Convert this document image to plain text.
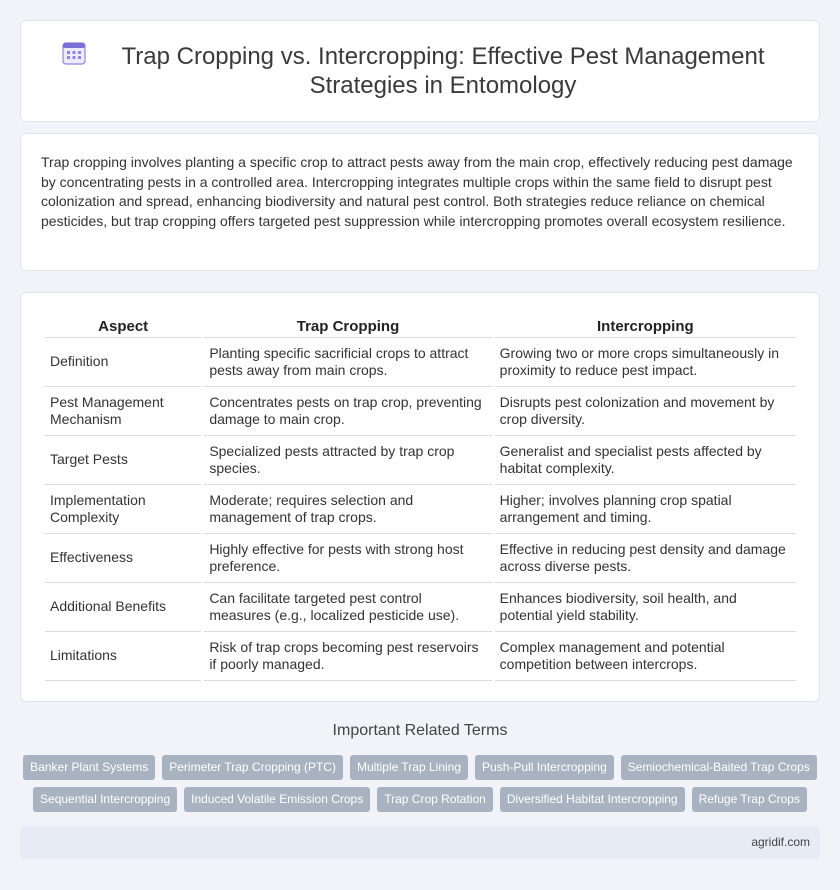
Trap Cropping vs. Intercropping: Effective Pest Management Strategies in Entomology

Trap cropping involves planting a specific crop to attract pests away from the main crop, effectively reducing pest damage by concentrating pests in a controlled area. Intercropping integrates multiple crops within the same field to disrupt pest colonization and spread, enhancing biodiversity and natural pest control. Both strategies reduce reliance on chemical pesticides, but trap cropping offers targeted pest suppression while intercropping promotes overall ecosystem resilience.

Aspect	Trap Cropping	Intercropping
Definition	Planting specific sacrificial crops to attract pests away from main crops.	Growing two or more crops simultaneously in proximity to reduce pest impact.
Pest Management Mechanism	Concentrates pests on trap crop, preventing damage to main crop.	Disrupts pest colonization and movement by crop diversity.
Target Pests	Specialized pests attracted by trap crop species.	Generalist and specialist pests affected by habitat complexity.
Implementation Complexity	Moderate; requires selection and management of trap crops.	Higher; involves planning crop spatial arrangement and timing.
Effectiveness	Highly effective for pests with strong host preference.	Effective in reducing pest density and damage across diverse pests.
Additional Benefits	Can facilitate targeted pest control measures (e.g., localized pesticide use).	Enhances biodiversity, soil health, and potential yield stability.
Limitations	Risk of trap crops becoming pest reservoirs if poorly managed.	Complex management and potential competition between intercrops.
Important Related Terms
Banker Plant Systems	Perimeter Trap Cropping (PTC)	Multiple Trap Lining	Push-Pull Intercropping	Semiochemical-Baited Trap Crops
Sequential Intercropping	Induced Volatile Emission Crops	Trap Crop Rotation	Diversified Habitat Intercropping	Refuge Trap Crops
agridif.com
